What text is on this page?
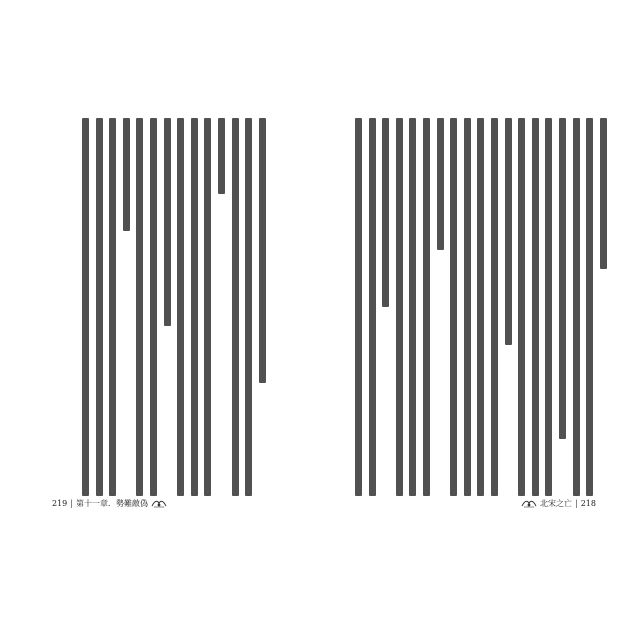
219 | 第十一章．勢難敵偽	北宋之亡 | 218
